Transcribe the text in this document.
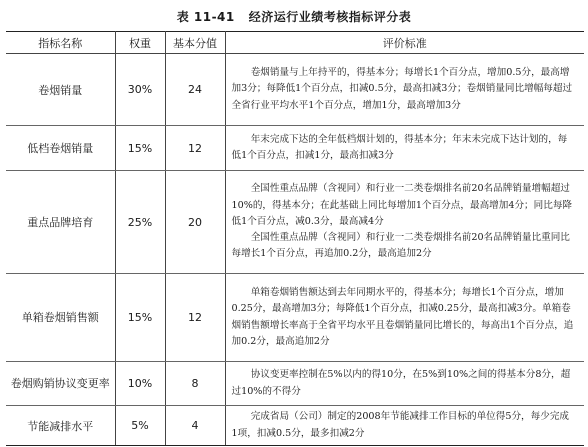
表 11-41 经济运行业绩考核指标评分表
指标名称	权重	基本分值	评价标准
卷烟销量	30%	24	卷烟销量与上年持平的，得基本分；每增长1个百分点，增加0.5分，最高增加3分；每降低1个百分点，扣减0.5分，最高扣减3分；卷烟销量同比增幅每超过全省行业平均水平1个百分点，增加1分，最高增加3分

低档卷烟销量	15%	12	年末完成下达的全年低档烟计划的，得基本分；年末未完成下达计划的，每低1个百分点，扣减1分，最高扣减3分

重点品牌培育	25%	20	全国性重点品牌（含视同）和行业一二类卷烟排名前20名品牌销量增幅超过10%的，得基本分；在此基础上同比每增加1个百分点，最高增加4分；同比每降低1个百分点，减0.3分，最高减4分

全国性重点品牌（含视同）和行业一二类卷烟排名前20名品牌销量比重同比每增长1个百分点，再追加0.2分，最高追加2分

单箱卷烟销售额	15%	12	单箱卷烟销售额达到去年同期水平的，得基本分；每增长1个百分点，增加0.25分，最高增加3分；每降低1个百分点，扣减0.25分，最高扣减3分。单箱卷烟销售额增长率高于全省平均水平且卷烟销量同比增长的，每高出1个百分点，追加0.2分，最高追加2分

卷烟购销协议变更率	10%	8	协议变更率控制在5%以内的得10分，在5%到10%之间的得基本分8分，超过10%的不得分

节能减排水平	5%	4	完成省局（公司）制定的2008年节能减排工作目标的单位得5分，每少完成1项，扣减0.5分，最多扣减2分
